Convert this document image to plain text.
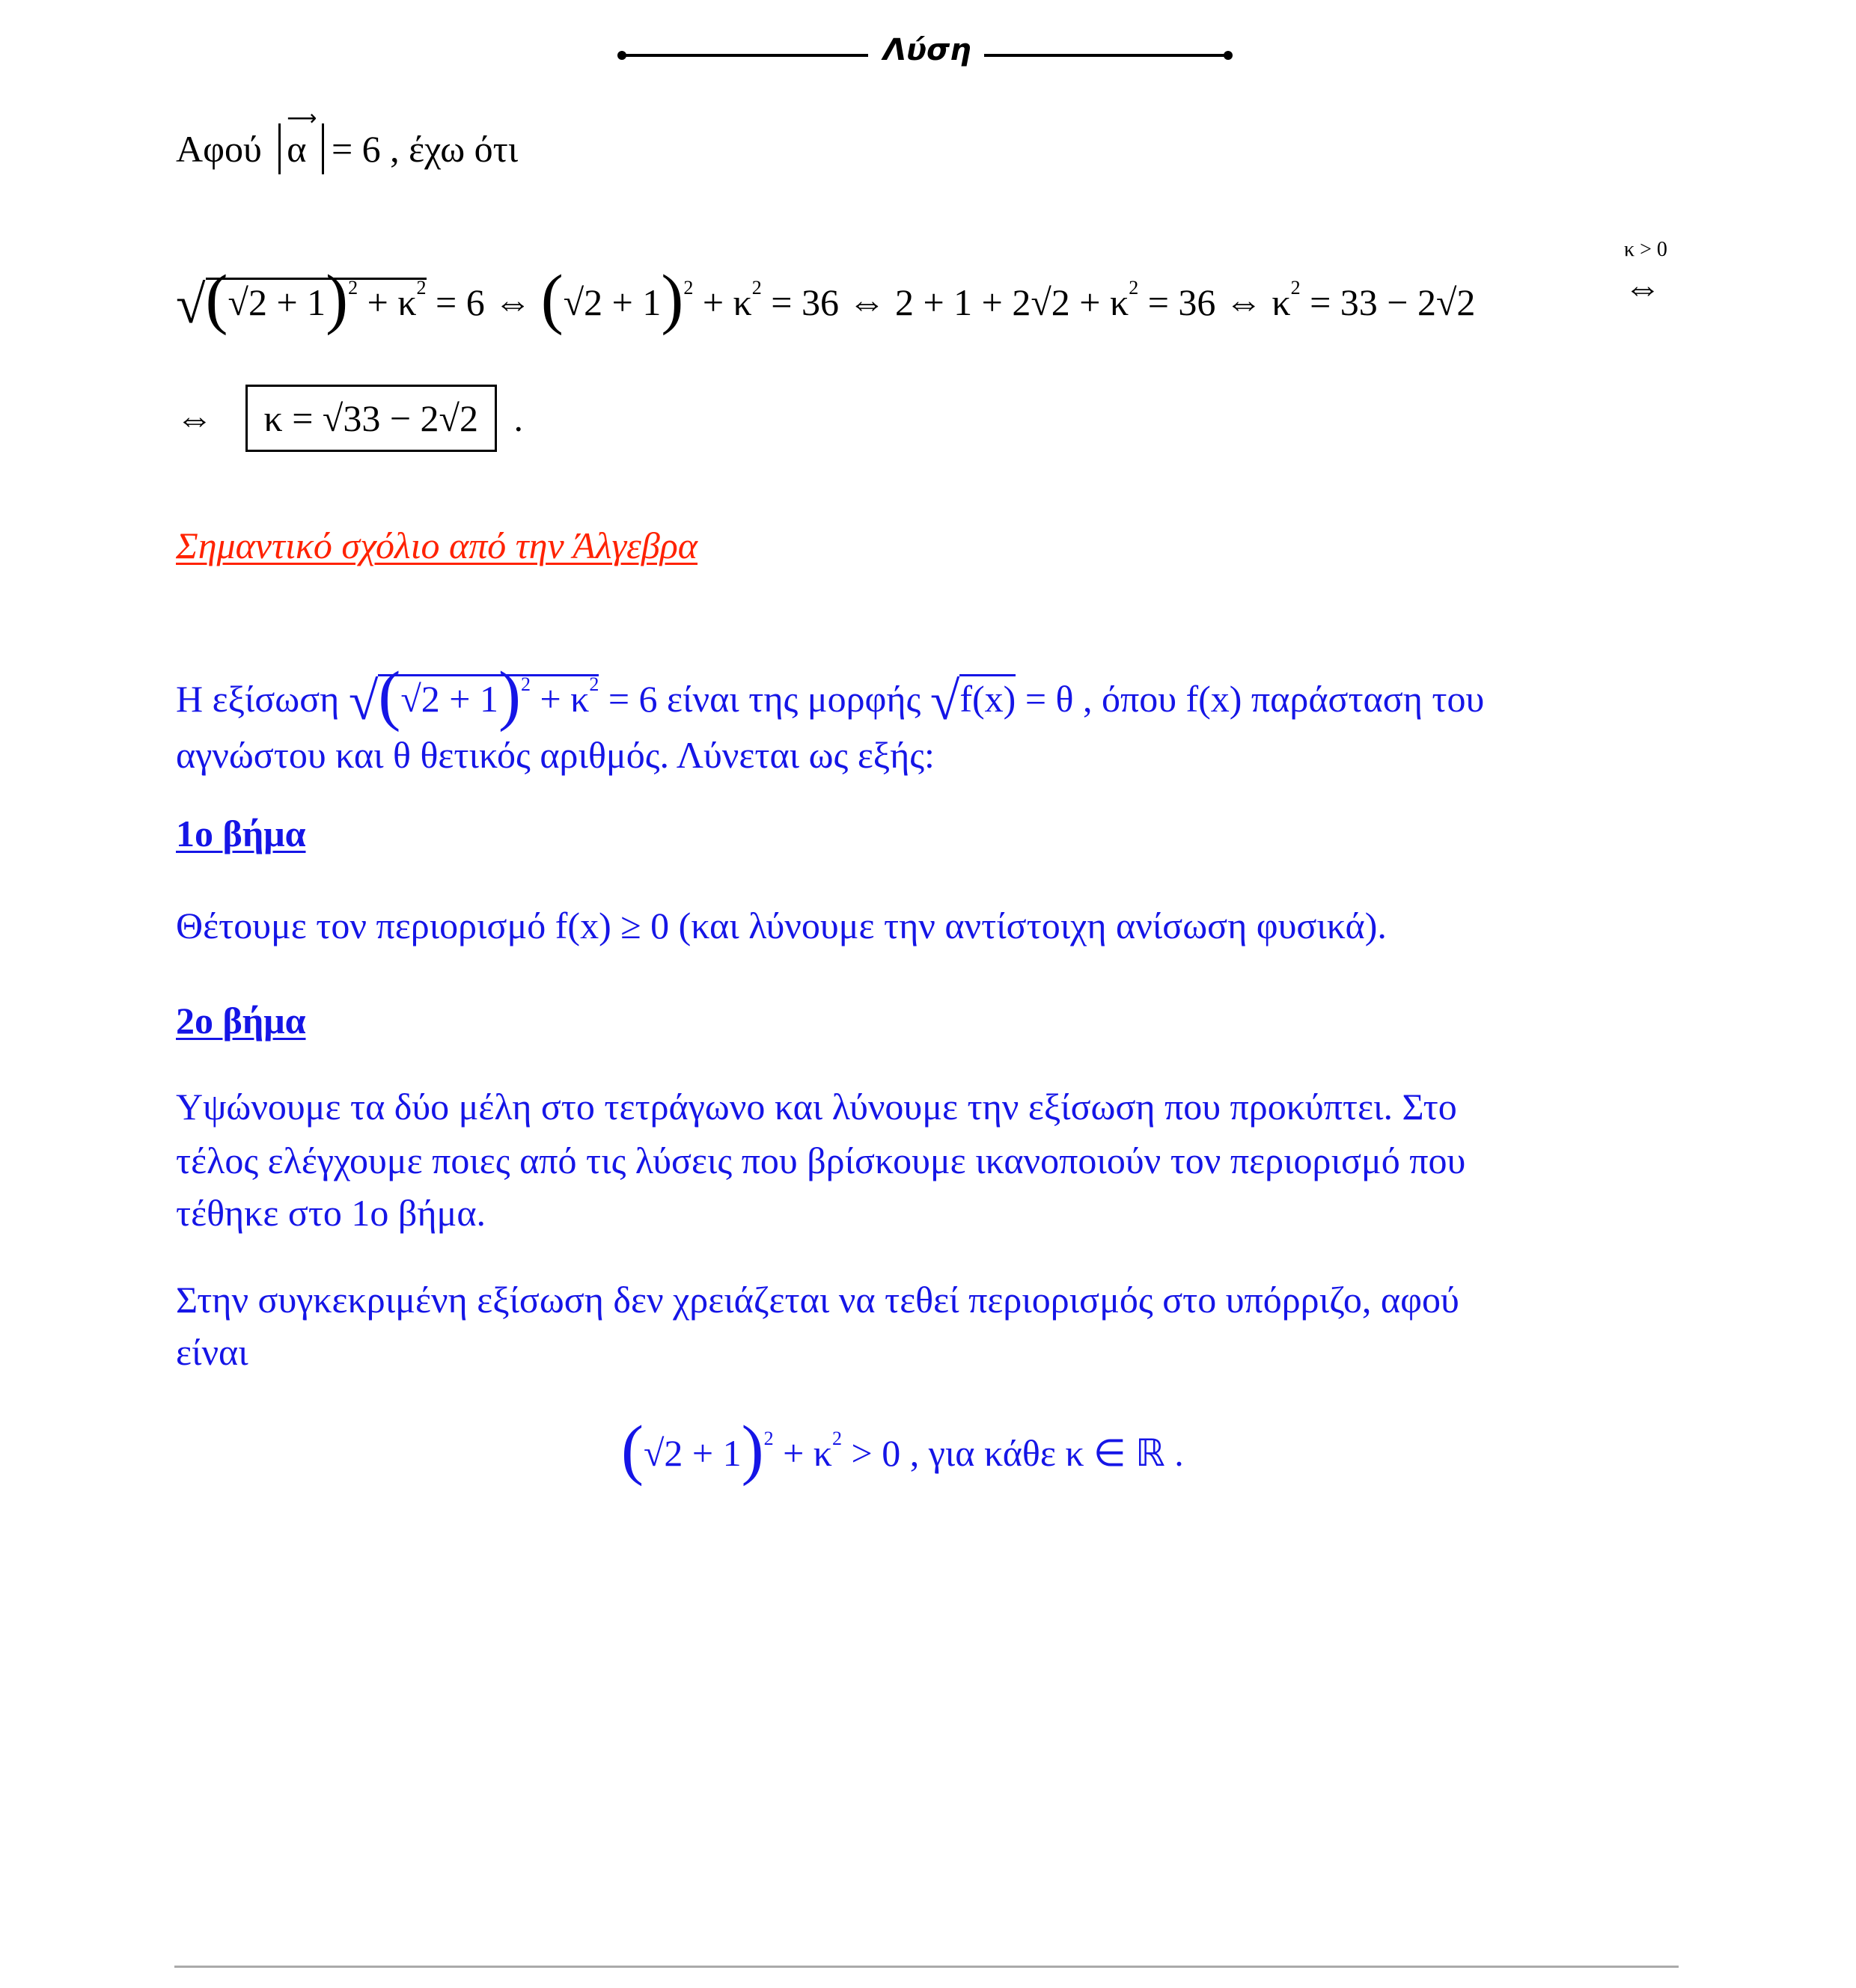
Λύση
Αφού
⟶
α = 6 , έχω ότι
$√(√2 + 1)^2 + \kappa^2 = 6$ ⇔ $(√2 + 1)^2 + \kappa^2 = 36$ ⇔ $2 + 1 + 2√2 + \kappa^2 = 36$ ⇔ $\kappa^2 = 33 - 2√2$
κ > 0
⇔
⇔ κ = √33 − 2√2 .
Σημαντικό σχόλιο από την Άλγεβρα
Η εξίσωση $√(√2 + 1)^2 + \kappa^2 = 6$ είναι της μορφής √f(x) = θ , όπου f(x) παράσταση του
αγνώστου και θ θετικός αριθμός. Λύνεται ως εξής:
1ο βήμα
Θέτουμε τον περιορισμό f(x) ≥ 0 (και λύνουμε την αντίστοιχη ανίσωση φυσικά).
2ο βήμα
Υψώνουμε τα δύο μέλη στο τετράγωνο και λύνουμε την εξίσωση που προκύπτει. Στο
τέλος ελέγχουμε ποιες από τις λύσεις που βρίσκουμε ικανοποιούν τον περιορισμό που
τέθηκε στο 1ο βήμα.
Στην συγκεκριμένη εξίσωση δεν χρειάζεται να τεθεί περιορισμός στο υπόρριζο, αφού
είναι
$(√2 + 1)^2 + \kappa^2 > 0$ , για κάθε κ ∈ ℝ .
